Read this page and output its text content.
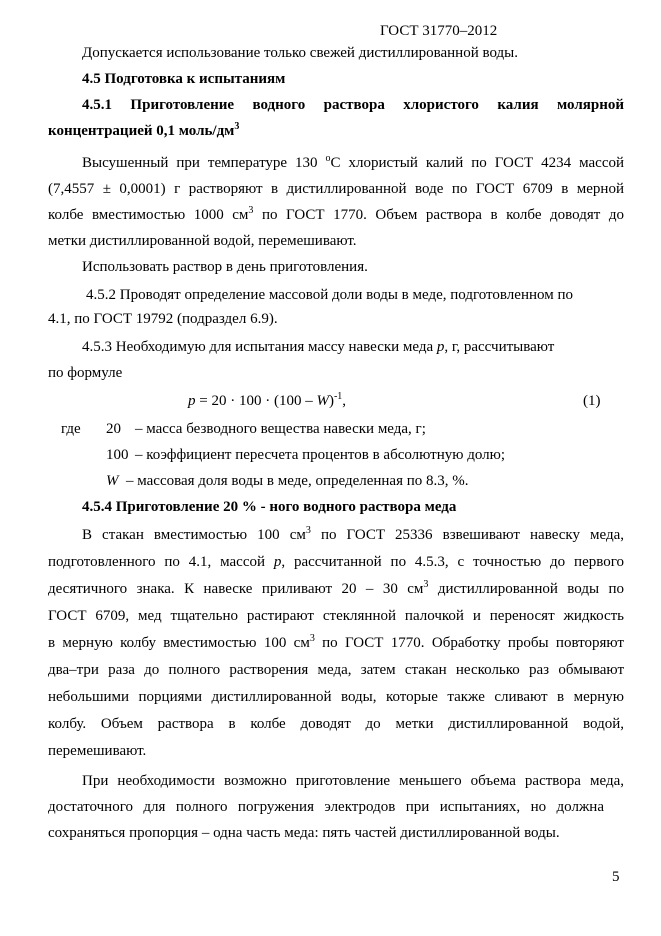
ГОСТ 31770–2012
Допускается использование только свежей дистиллированной воды.
4.5 Подготовка к испытаниям
4.5.1 Приготовление водного раствора хлористого калия молярной
концентрацией 0,1 моль/$дм^3$
Высушенный при температуре 130 $^о$С хлористый калий по ГОСТ 4234 массой
(7,4557 ± 0,0001) г растворяют в дистиллированной воде по ГОСТ 6709 в мерной
колбе вместимостью 1000 $см^3$ по ГОСТ 1770. Объем раствора в колбе доводят до
метки дистиллированной водой, перемешивают.
Использовать раствор в день приготовления.
4.5.2 Проводят определение массовой доли воды в меде, подготовленном по
4.1, по ГОСТ 19792 (подраздел 6.9).
4.5.3 Необходимую для испытания массу навески меда p, г, рассчитывают
по формуле
p = 20 · 100 · (100 – W)$^{-1}$,	(1)
где 20 – масса безводного вещества навески меда, г;
100 – коэффициент пересчета процентов в абсолютную долю;
W – массовая доля воды в меде, определенная по 8.3, %.
4.5.4 Приготовление 20 % - ного водного раствора меда
В стакан вместимостью 100 $см^3$ по ГОСТ 25336 взвешивают навеску меда,
подготовленного по 4.1, массой p, рассчитанной по 4.5.3, с точностью до первого
десятичного знака. К навеске приливают 20 – 30 $см^3$ дистиллированной воды по
ГОСТ 6709, мед тщательно растирают стеклянной палочкой и переносят жидкость
в мерную колбу вместимостью 100 $см^3$ по ГОСТ 1770. Обработку пробы повторяют
два–три раза до полного растворения меда, затем стакан несколько раз обмывают
небольшими порциями дистиллированной воды, которые также сливают в мерную
колбу. Объем раствора в колбе доводят до метки дистиллированной водой,
перемешивают.
При необходимости возможно приготовление меньшего объема раствора меда,
достаточного для полного погружения электродов при испытаниях, но должна
сохраняться пропорция – одна часть меда: пять частей дистиллированной воды.
5
